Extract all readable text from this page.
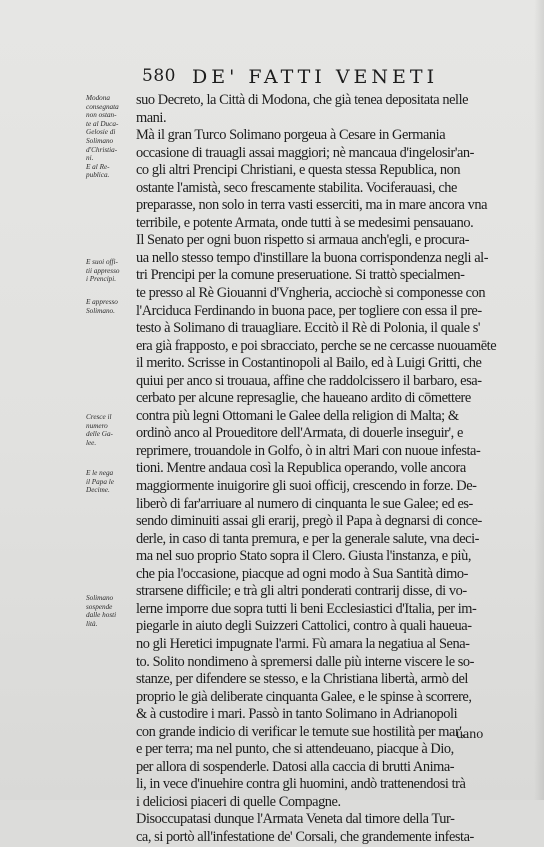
580 DE' FATTI VENETI
Modona
consegnata
non ostan-
te al Duca-
Gelosie di
Solimano
d'Christia-
ni.
E al Re-
publica.
E suoi offi-
tii appresso
i Prencipi.
E appresso
Solimano.
Cresce il
numero
delle Ga-
lee.
E le nega
il Papa le
Decime.
Solimano
sospende
dalle hosti
lità.
suo Decreto, la Città di Modona, che già tenea depositata nelle
mani.
Mà il gran Turco Solimano porgeua à Cesare in Germania
occasione di trauagli assai maggiori; nè mancaua d'ingelosir'an-
co gli altri Prencipi Christiani, e questa stessa Republica, non
ostante l'amistà, seco frescamente stabilita. Vociferauasi, che
preparasse, non solo in terra vasti esserciti, ma in mare ancora vna
terribile, e potente Armata, onde tutti à se medesimi pensauano.
Il Senato per ogni buon rispetto si armaua anch'egli, e procura-
ua nello stesso tempo d'instillare la buona corrispondenza negli al-
tri Prencipi per la comune preseruatione. Si trattò specialmen-
te presso al Rè Giouanni d'Vngheria, acciochè si componesse con
l'Arciduca Ferdinando in buona pace, per togliere con essa il pre-
testo à Solimano di trauagliare. Eccitò il Rè di Polonia, il quale s'
era già frapposto, e poi sbracciato, perche se ne cercasse nuouamēte
il merito. Scrisse in Costantinopoli al Bailo, ed à Luigi Gritti, che
quiui per anco si trouaua, affine che raddolcissero il barbaro, esa-
cerbato per alcune represaglie, che haueano ardito di cōmettere
contra più legni Ottomani le Galee della religion di Malta; &
ordinò anco al Proueditore dell'Armata, di douerle inseguir', e
reprimere, trouandole in Golfo, ò in altri Mari con nuoue infesta-
tioni. Mentre andaua così la Republica operando, volle ancora
maggiormente inuigorire gli suoi officij, crescendo in forze. De-
liberò di far'arriuare al numero di cinquanta le sue Galee; ed es-
sendo diminuiti assai gli erarij, pregò il Papa à degnarsi di conce-
derle, in caso di tanta premura, e per la generale salute, vna deci-
ma nel suo proprio Stato sopra il Clero. Giusta l'instanza, e più,
che pia l'occasione, piacque ad ogni modo à Sua Santità dimo-
strarsene difficile; e trà gli altri ponderati contrarij disse, di vo-
lerne imporre due sopra tutti li beni Ecclesiastici d'Italia, per im-
piegarle in aiuto degli Suizzeri Cattolici, contro à quali haueua-
no gli Heretici impugnate l'armi. Fù amara la negatiua al Sena-
to. Solito nondimeno à spremersi dalle più interne viscere le so-
stanze, per difendere se stesso, e la Christiana libertà, armò del
proprio le già deliberate cinquanta Galee, e le spinse à scorrere,
& à custodire i mari. Passò in tanto Solimano in Adrianopoli
con grande indicio di verificar le temute sue hostilità per mar',
e per terra; ma nel punto, che si attendeuano, piacque à Dio,
per allora di sospenderle. Datosi alla caccia di brutti Anima-
li, in vece d'inuehire contra gli huomini, andò trattenendosi trà
i deliciosi piaceri di quelle Compagne.
Disoccupatasi dunque l'Armata Veneta dal timore della Tur-
ca, si portò all'infestatione de' Corsali, che grandemente infesta-
uano
